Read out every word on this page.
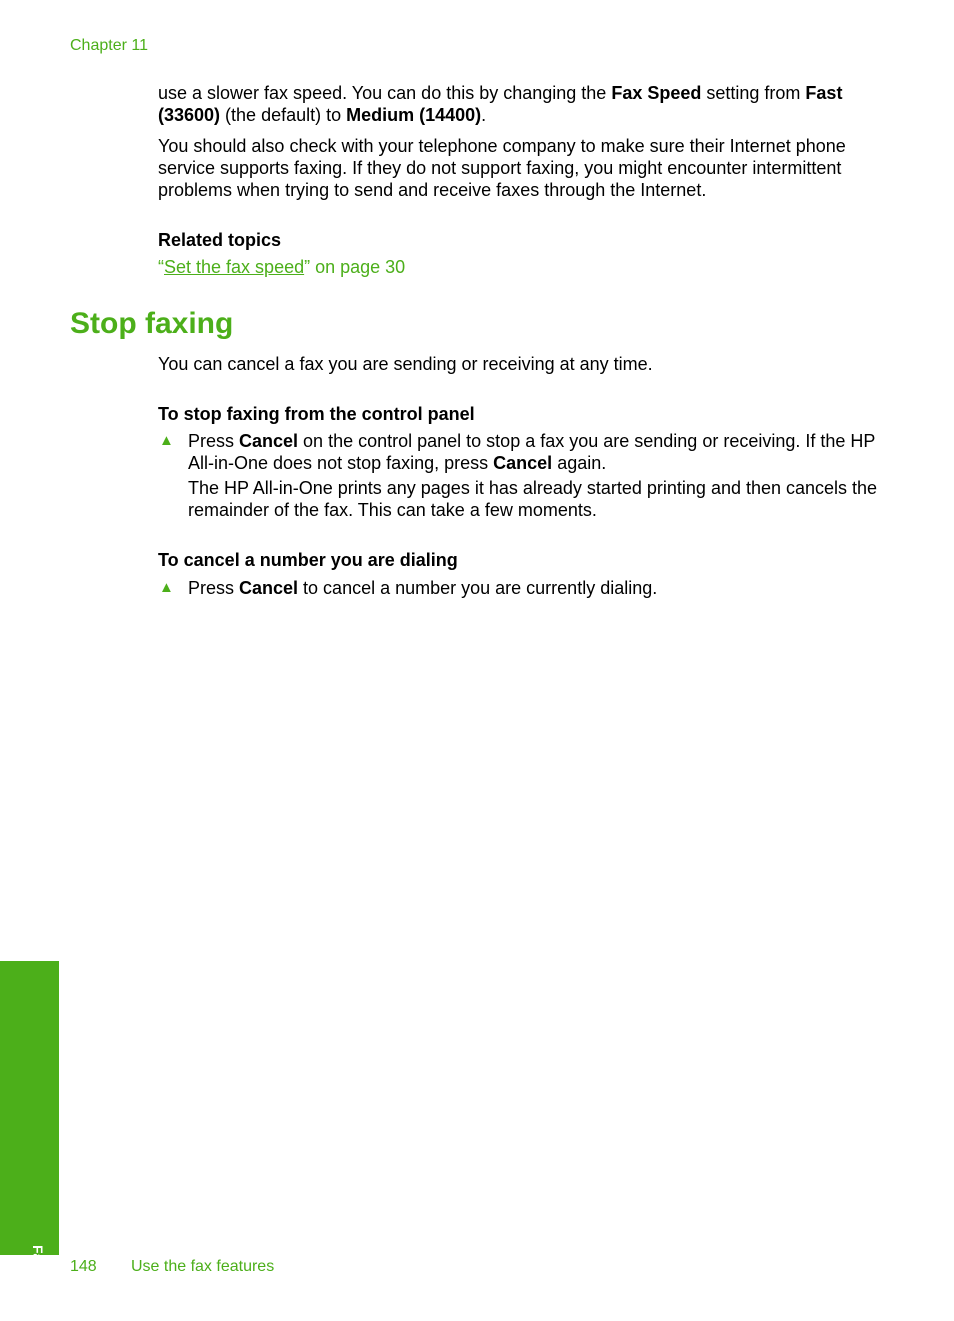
Chapter 11

use a slower fax speed. You can do this by changing the Fax Speed setting from Fast (33600) (the default) to Medium (14400).

You should also check with your telephone company to make sure their Internet phone service supports faxing. If they do not support faxing, you might encounter intermittent problems when trying to send and receive faxes through the Internet.

Related topics
“Set the fax speed” on page 30
Stop faxing

You can cancel a fax you are sending or receiving at any time.

To stop faxing from the control panel
▲ Press Cancel on the control panel to stop a fax you are sending or receiving. If the HP All-in-One does not stop faxing, press Cancel again.

The HP All-in-One prints any pages it has already started printing and then cancels the remainder of the fax. This can take a few moments.

To cancel a number you are dialing
▲ Press Cancel to cancel a number you are currently dialing.

Fax 148 Use the fax features
